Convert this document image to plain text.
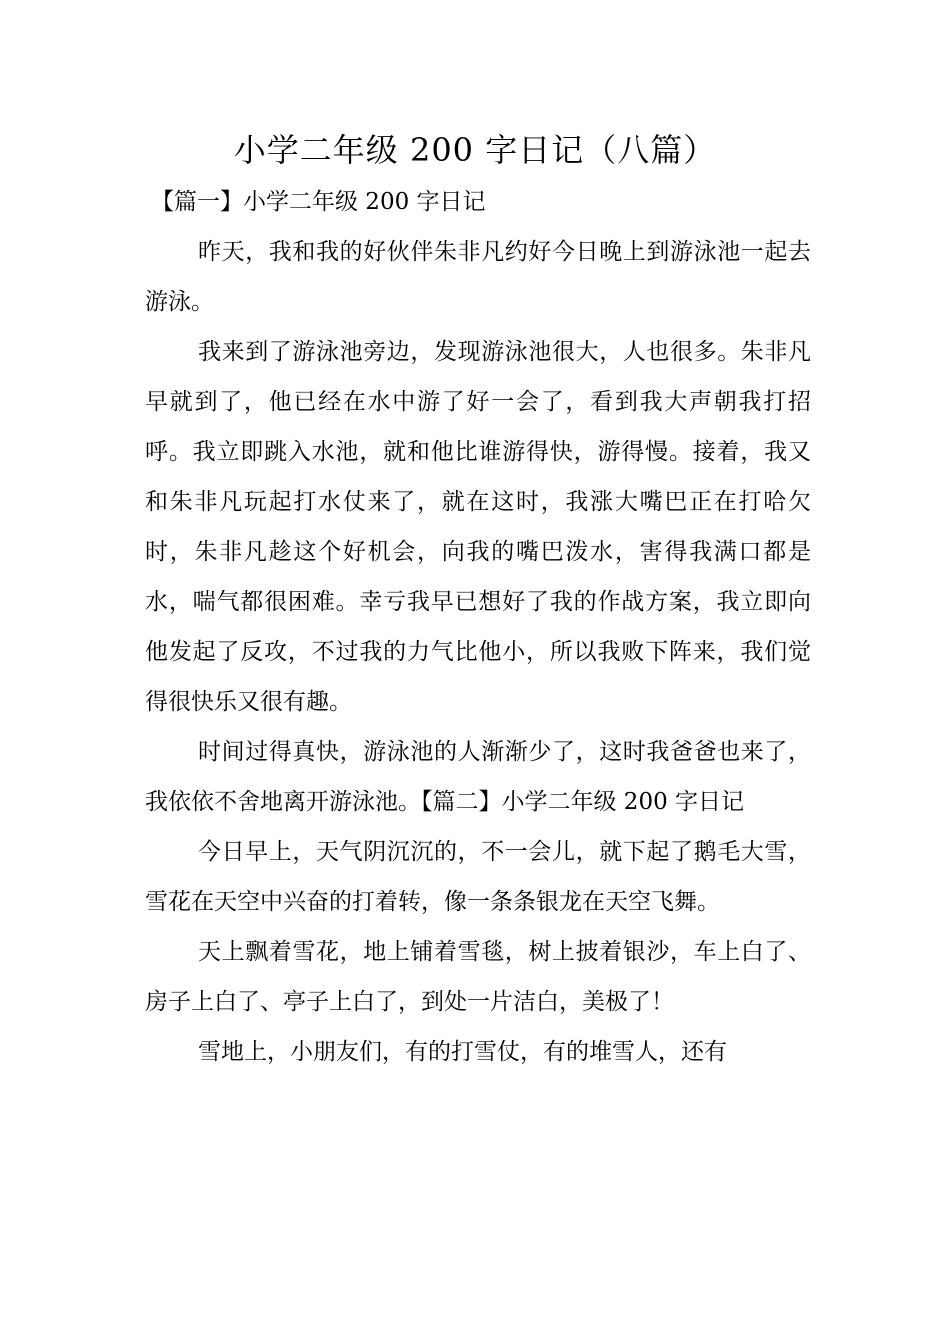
小学二年级 200 字日记（八篇）

【篇一】小学二年级 200 字日记

昨天，我和我的好伙伴朱非凡约好今日晚上到游泳池一起去游泳。

我来到了游泳池旁边，发现游泳池很大，人也很多。朱非凡早就到了，他已经在水中游了好一会了，看到我大声朝我打招呼。我立即跳入水池，就和他比谁游得快，游得慢。接着，我又和朱非凡玩起打水仗来了，就在这时，我涨大嘴巴正在打哈欠时，朱非凡趁这个好机会，向我的嘴巴泼水，害得我满口都是水，喘气都很困难。幸亏我早已想好了我的作战方案，我立即向他发起了反攻，不过我的力气比他小，所以我败下阵来，我们觉得很快乐又很有趣。

时间过得真快，游泳池的人渐渐少了，这时我爸爸也来了，我依依不舍地离开游泳池。【篇二】小学二年级 200 字日记

今日早上，天气阴沉沉的，不一会儿，就下起了鹅毛大雪，雪花在天空中兴奋的打着转，像一条条银龙在天空飞舞。

天上飘着雪花，地上铺着雪毯，树上披着银沙，车上白了、房子上白了、亭子上白了，到处一片洁白，美极了！

雪地上，小朋友们，有的打雪仗，有的堆雪人，还有
